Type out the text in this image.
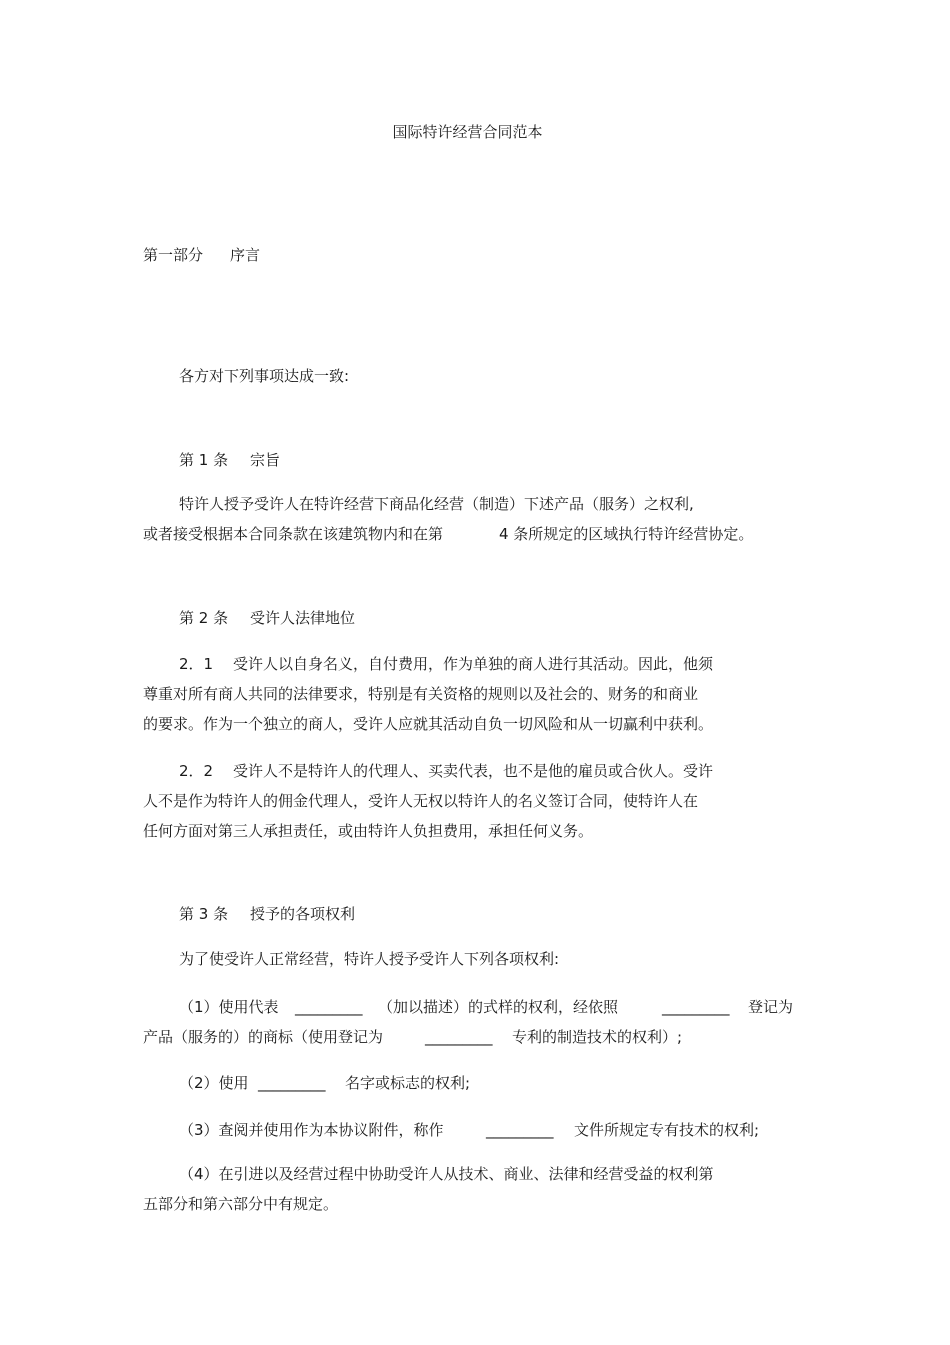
国际特许经营合同范本
第一部分 序言
各方对下列事项达成一致:
第 1 条 宗旨
特许人授予受许人在特许经营下商品化经营（制造）下述产品（服务）之权利,
或者接受根据本合同条款在该建筑物内和在第	4 条所规定的区域执行特许经营协定。
第 2 条 受许人法律地位
2．1 受许人以自身名义，自付费用，作为单独的商人进行其活动。因此，他须
尊重对所有商人共同的法律要求，特别是有关资格的规则以及社会的、财务的和商业
的要求。作为一个独立的商人，受许人应就其活动自负一切风险和从一切赢利中获利。
2．2 受许人不是特许人的代理人、买卖代表，也不是他的雇员或合伙人。受许
人不是作为特许人的佣金代理人，受许人无权以特许人的名义签订合同，使特许人在
任何方面对第三人承担责任，或由特许人负担费用，承担任何义务。
第 3 条 授予的各项权利
为了使受许人正常经营，特许人授予受许人下列各项权利:
（1）使用代表 _________ （加以描述）的式样的权利，经依照	_________ 登记为
产品（服务的）的商标（使用登记为	_________ 专利的制造技术的权利）;
（2）使用 _________ 名字或标志的权利;
（3）查阅并使用作为本协议附件，称作	_________ 文件所规定专有技术的权利;
（4）在引进以及经营过程中协助受许人从技术、商业、法律和经营受益的权利第
五部分和第六部分中有规定。
